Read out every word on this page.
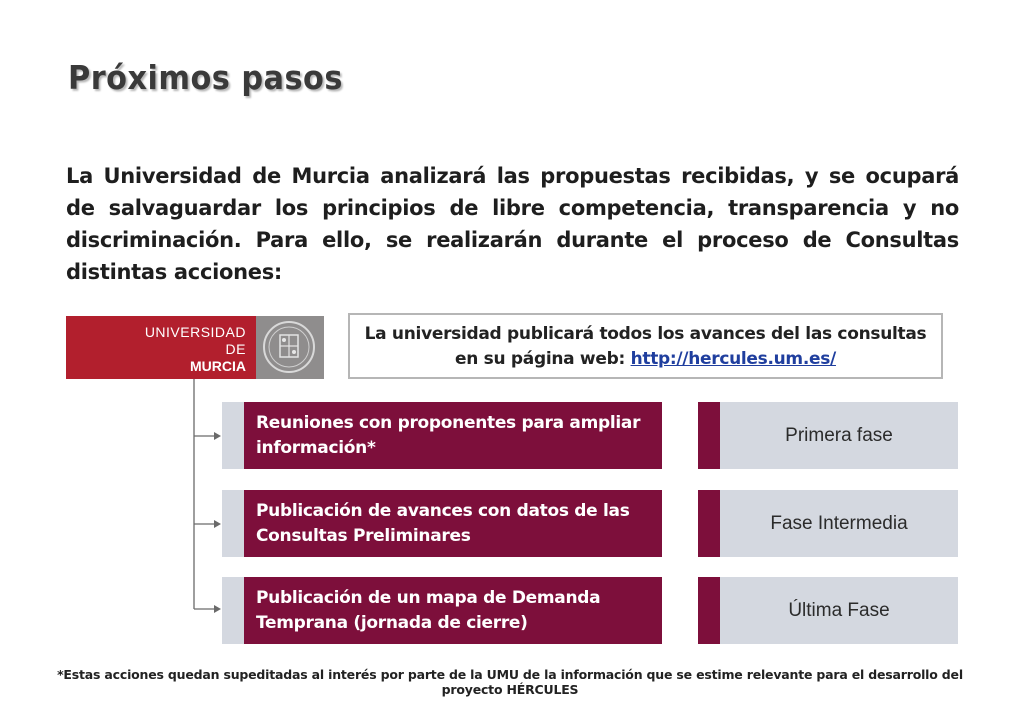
Próximos pasos
La Universidad de Murcia analizará las propuestas recibidas, y se ocupará de salvaguardar los principios de libre competencia, transparencia y no discriminación. Para ello, se realizarán durante el proceso de Consultas distintas acciones:
UNIVERSIDAD DE
MURCIA
La universidad publicará todos los avances del las consultas
en su página web: http://hercules.um.es/
Reuniones con proponentes para ampliar información*
Publicación de avances con datos de las Consultas Preliminares
Publicación de un mapa de Demanda Temprana (jornada de cierre)
Primera fase
Fase Intermedia
Última Fase
*Estas acciones quedan supeditadas al interés por parte de la UMU de la información que se estime relevante para el desarrollo del proyecto HÉRCULES
